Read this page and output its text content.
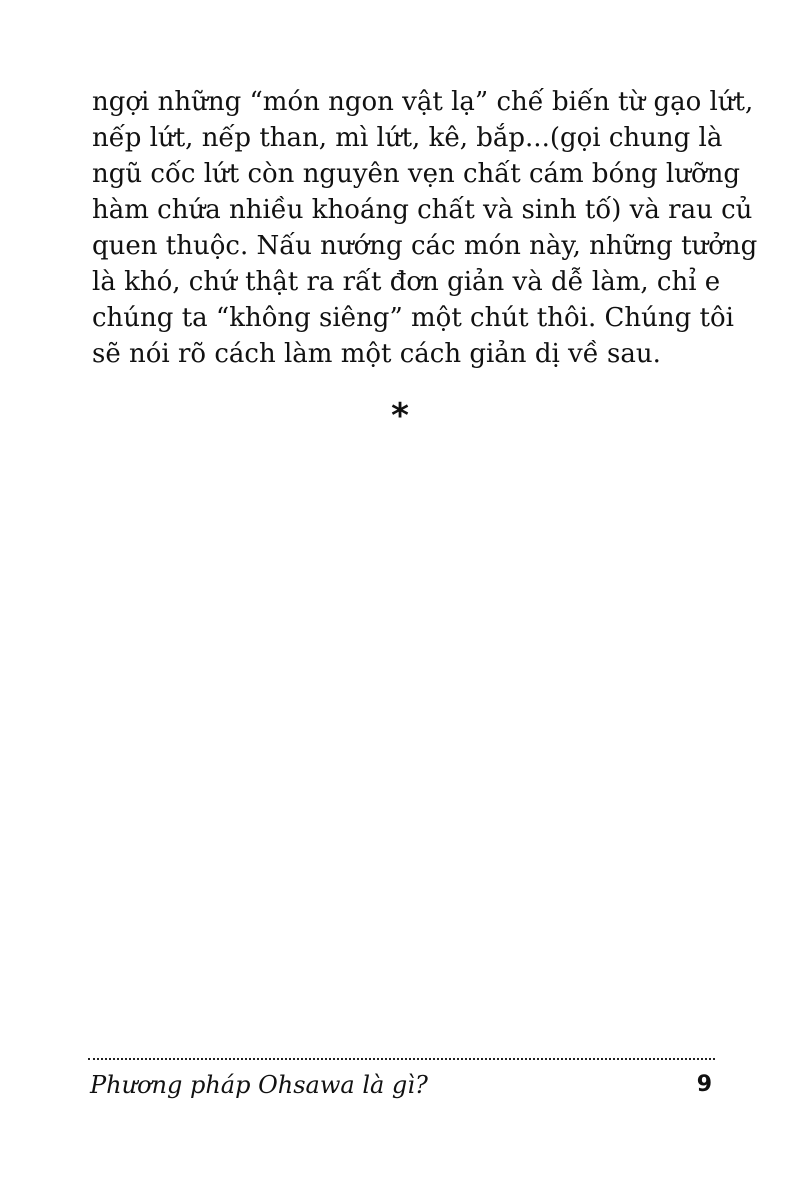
ngợi những “món ngon vật lạ” chế biến từ gạo lứt,
nếp lứt, nếp than, mì lứt, kê, bắp...(gọi chung là
ngũ cốc lứt còn nguyên vẹn chất cám bóng lưỡng
hàm chứa nhiều khoáng chất và sinh tố) và rau củ
quen thuộc. Nấu nướng các món này, những tưởng
là khó, chứ thật ra rất đơn giản và dễ làm, chỉ e
chúng ta “không siêng” một chút thôi. Chúng tôi
sẽ nói rõ cách làm một cách giản dị về sau.
*
Phương pháp Ohsawa là gì?	9
